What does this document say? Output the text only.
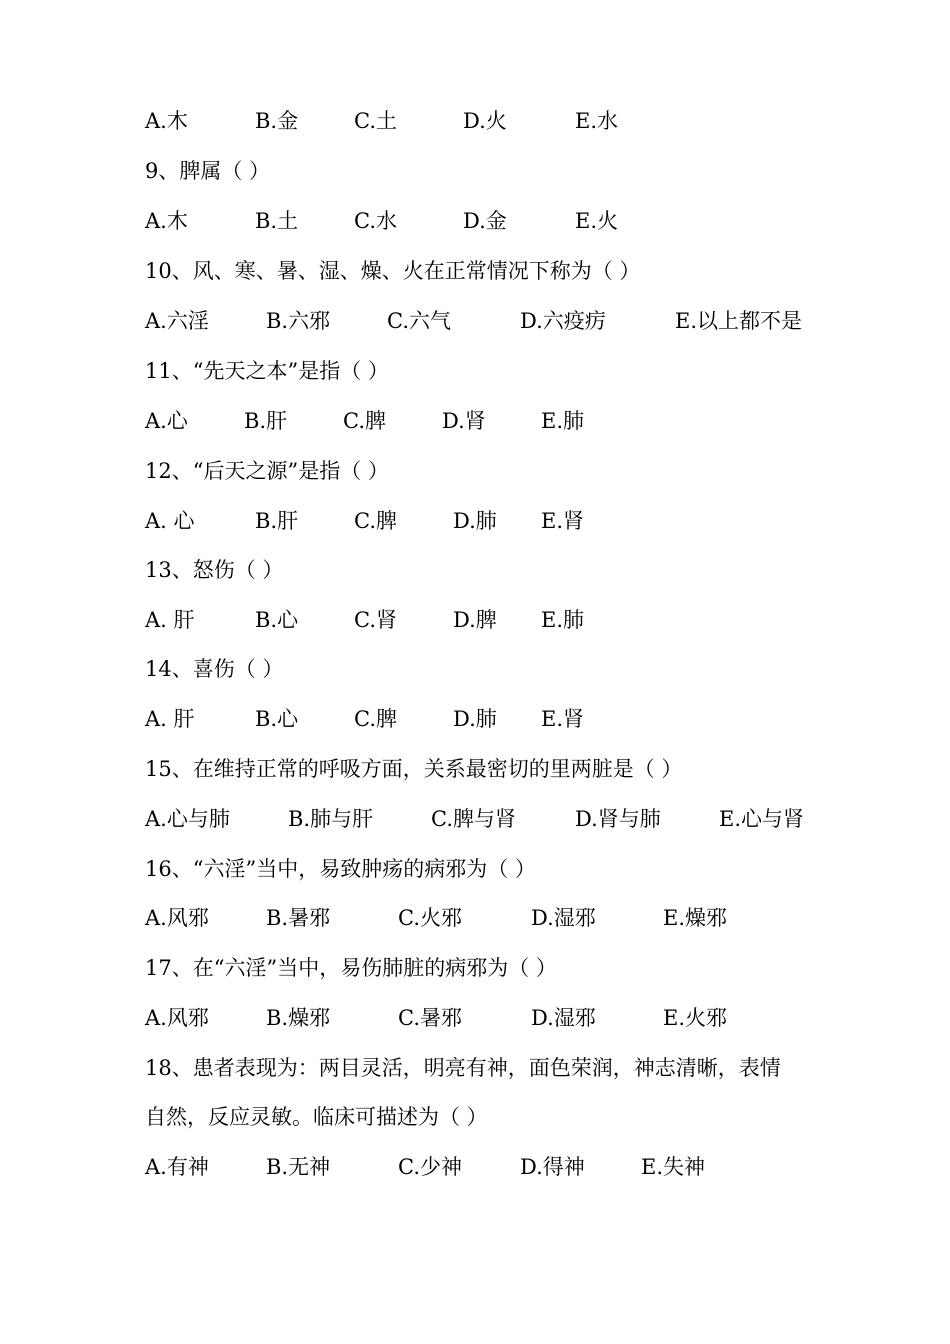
A.木	B.金	C.土	D.火	E.水
9、脾属（ ）
A.木	B.土	C.水	D.金	E.火
10、风、寒、暑、湿、燥、火在正常情况下称为（ ）
A.六淫	B.六邪	C.六气	D.六疫疠	E.以上都不是
11、“先天之本”是指（ ）
A.心	B.肝	C.脾	D.肾	E.肺
12、“后天之源”是指（ ）
A. 心	B.肝	C.脾	D.肺 E.肾
13、怒伤（ ）
A. 肝	B.心	C.肾	D.脾 E.肺
14、喜伤（ ）
A. 肝	B.心	C.脾	D.肺 E.肾
15、在维持正常的呼吸方面，关系最密切的里两脏是（ ）
A.心与肺	B.肺与肝	C.脾与肾	D.肾与肺	E.心与肾
16、“六淫”当中，易致肿疡的病邪为（ ）
A.风邪	B.暑邪	C.火邪	D.湿邪	E.燥邪
17、在“六淫”当中，易伤肺脏的病邪为（ ）
A.风邪	B.燥邪	C.暑邪	D.湿邪	E.火邪
18、患者表现为：两目灵活，明亮有神，面色荣润，神志清晰，表情
自然，反应灵敏。临床可描述为（ ）
A.有神	B.无神	C.少神	D.得神	E.失神
